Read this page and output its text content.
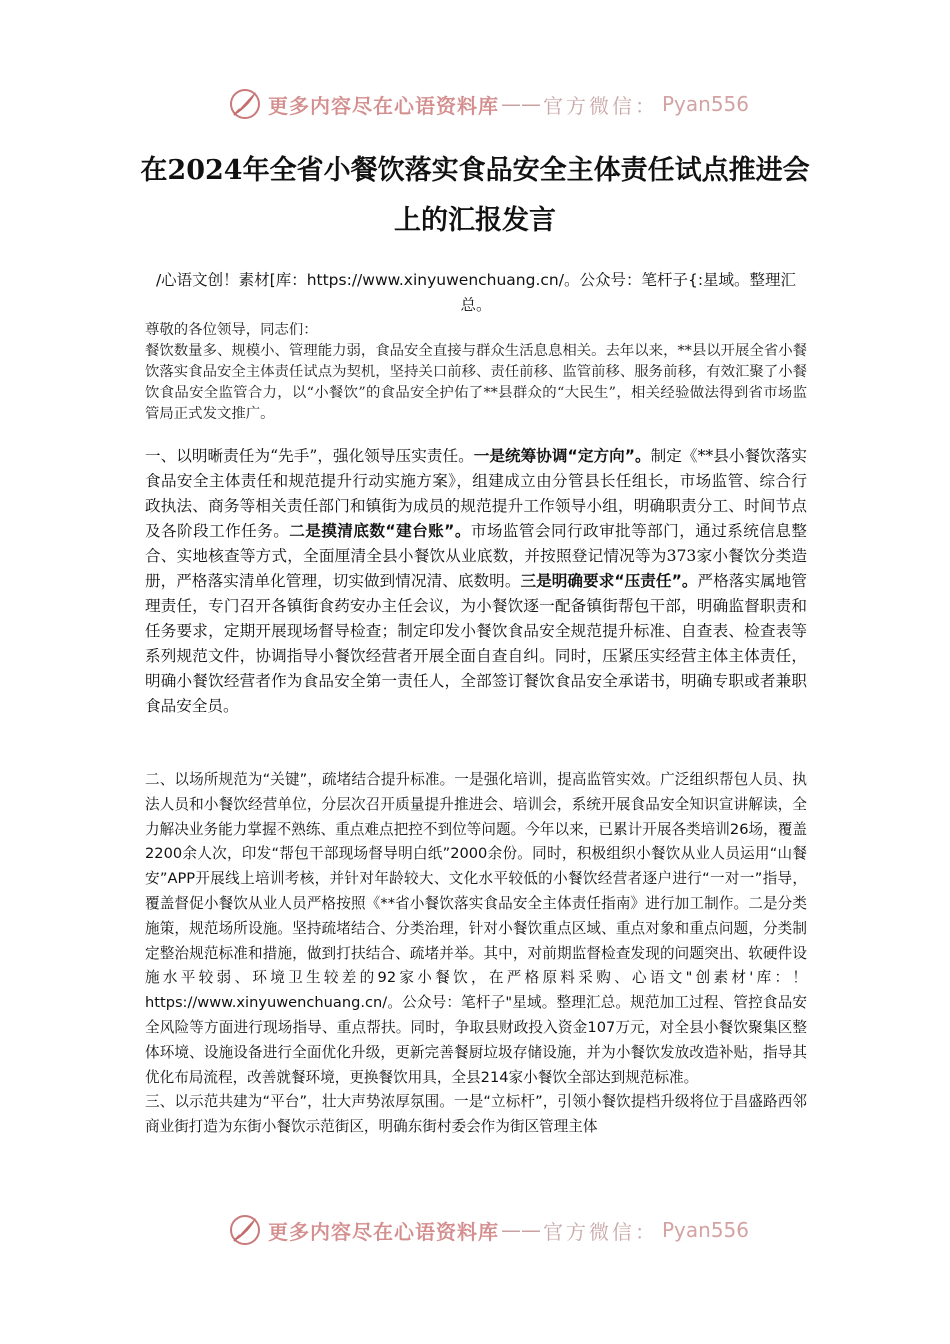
更多内容尽在心语资料库 —— 官方微信： Pyan556
在2024年全省小餐饮落实食品安全主体责任试点推进会上的汇报发言
/心语文创！素材[库：https://www.xinyuwenchuang.cn/。公众号：笔杆子{:星域。整理汇总。

尊敬的各位领导，同志们：

餐饮数量多、规模小、管理能力弱，食品安全直接与群众生活息息相关。去年以来，**县以开展全省小餐饮落实食品安全主体责任试点为契机，坚持关口前移、责任前移、监管前移、服务前移，有效汇聚了小餐饮食品安全监管合力，以“小餐饮”的食品安全护佑了**县群众的“大民生”，相关经验做法得到省市场监管局正式发文推广。

一、以明晰责任为“先手”，强化领导压实责任。一是统筹协调“定方向”。制定《**县小餐饮落实食品安全主体责任和规范提升行动实施方案》，组建成立由分管县长任组长，市场监管、综合行政执法、商务等相关责任部门和镇街为成员的规范提升工作领导小组，明确职责分工、时间节点及各阶段工作任务。二是摸清底数“建台账”。市场监管会同行政审批等部门，通过系统信息整合、实地核查等方式，全面厘清全县小餐饮从业底数，并按照登记情况等为373家小餐饮分类造册，严格落实清单化管理，切实做到情况清、底数明。三是明确要求“压责任”。严格落实属地管理责任，专门召开各镇街食药安办主任会议，为小餐饮逐一配备镇街帮包干部，明确监督职责和任务要求，定期开展现场督导检查；制定印发小餐饮食品安全规范提升标准、自查表、检查表等系列规范文件，协调指导小餐饮经营者开展全面自查自纠。同时，压紧压实经营主体主体责任，明确小餐饮经营者作为食品安全第一责任人，全部签订餐饮食品安全承诺书，明确专职或者兼职食品安全员。

二、以场所规范为“关键”，疏堵结合提升标准。一是强化培训，提高监管实效。广泛组织帮包人员、执法人员和小餐饮经营单位，分层次召开质量提升推进会、培训会，系统开展食品安全知识宣讲解读，全力解决业务能力掌握不熟练、重点难点把控不到位等问题。今年以来，已累计开展各类培训26场，覆盖2200余人次，印发“帮包干部现场督导明白纸”2000余份。同时，积极组织小餐饮从业人员运用“山餐安”APP开展线上培训考核，并针对年龄较大、文化水平较低的小餐饮经营者逐户进行“一对一”指导，覆盖督促小餐饮从业人员严格按照《**省小餐饮落实食品安全主体责任指南》进行加工制作。二是分类施策，规范场所设施。坚持疏堵结合、分类治理，针对小餐饮重点区域、重点对象和重点问题，分类制定整治规范标准和措施，做到打扶结合、疏堵并举。其中，对前期监督检查发现的问题突出、软硬件设施水平较弱、环境卫生较差的92家小餐饮，在严格原料采购、心语文"创素材'库：！https://www.xinyuwenchuang.cn/。公众号：笔杆子"星域。整理汇总。规范加工过程、管控食品安全风险等方面进行现场指导、重点帮扶。同时，争取县财政投入资金107万元，对全县小餐饮聚集区整体环境、设施设备进行全面优化升级，更新完善餐厨垃圾存储设施，并为小餐饮发放改造补贴，指导其优化布局流程，改善就餐环境，更换餐饮用具，全县214家小餐饮全部达到规范标准。

三、以示范共建为“平台”，壮大声势浓厚氛围。一是“立标杆”，引领小餐饮提档升级将位于昌盛路西邻商业街打造为东街小餐饮示范街区，明确东街村委会作为街区管理主体

更多内容尽在心语资料库 —— 官方微信： Pyan556
